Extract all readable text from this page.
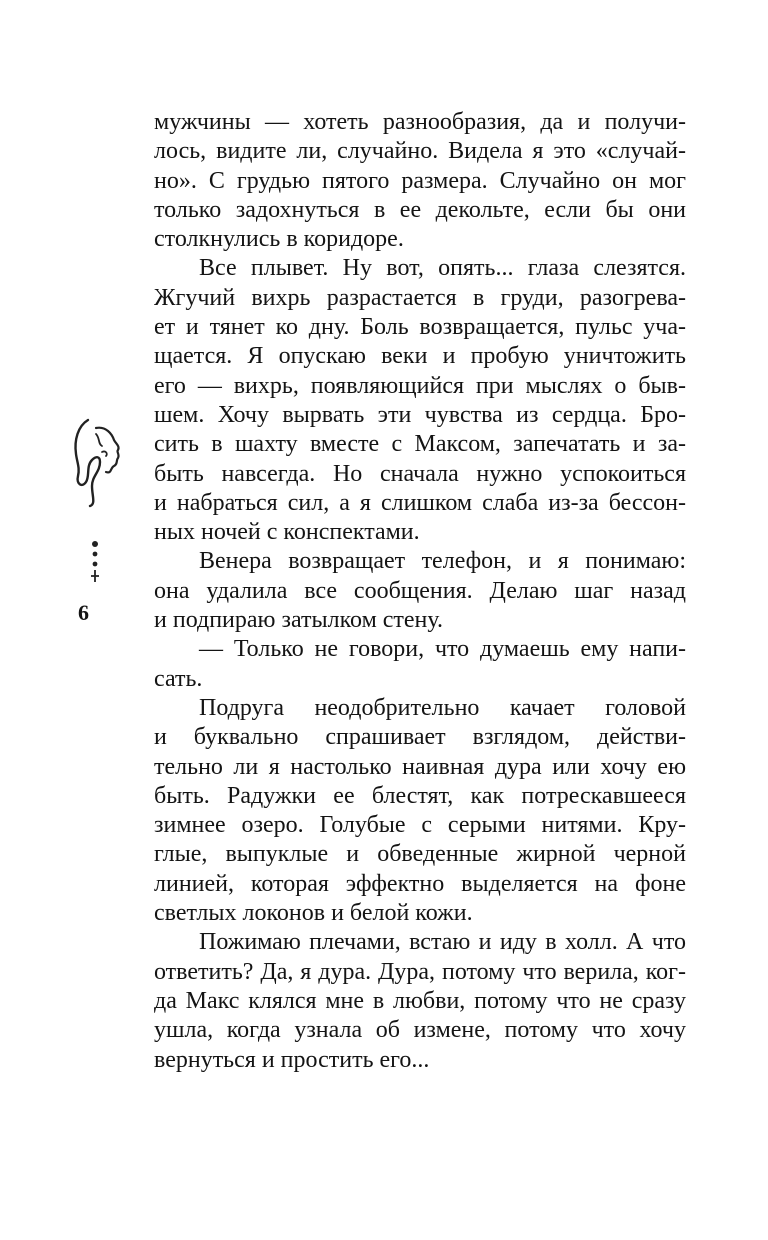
6
мужчины — хотеть разнообразия, да и получи-
лось, видите ли, случайно. Видела я это «случай-
но». С грудью пятого размера. Случайно он мог
только задохнуться в ее декольте, если бы они
столкнулись в коридоре.
Все плывет. Ну вот, опять... глаза слезятся.
Жгучий вихрь разрастается в груди, разогрева-
ет и тянет ко дну. Боль возвращается, пульс уча-
щается. Я опускаю веки и пробую уничтожить
его — вихрь, появляющийся при мыслях о быв-
шем. Хочу вырвать эти чувства из сердца. Бро-
сить в шахту вместе с Максом, запечатать и за-
быть навсегда. Но сначала нужно успокоиться
и набраться сил, а я слишком слаба из-за бессон-
ных ночей с конспектами.
Венера возвращает телефон, и я понимаю:
она удалила все сообщения. Делаю шаг назад
и подпираю затылком стену.
— Только не говори, что думаешь ему напи-
сать.
Подруга неодобрительно качает головой
и буквально спрашивает взглядом, действи-
тельно ли я настолько наивная дура или хочу ею
быть. Радужки ее блестят, как потрескавшееся
зимнее озеро. Голубые с серыми нитями. Кру-
глые, выпуклые и обведенные жирной черной
линией, которая эффектно выделяется на фоне
светлых локонов и белой кожи.
Пожимаю плечами, встаю и иду в холл. А что
ответить? Да, я дура. Дура, потому что верила, ког-
да Макс клялся мне в любви, потому что не сразу
ушла, когда узнала об измене, потому что хочу
вернуться и простить его...
